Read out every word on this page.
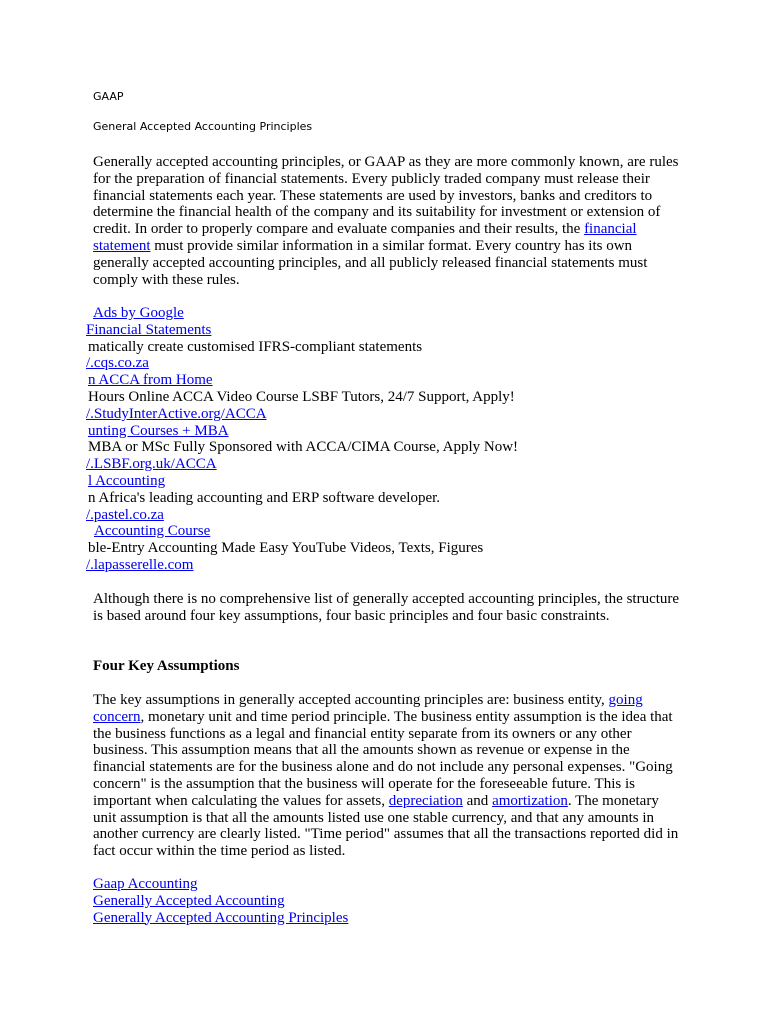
GAAP
General Accepted Accounting Principles
Generally accepted accounting principles, or GAAP as they are more commonly known, are rules for the preparation of financial statements. Every publicly traded company must release their financial statements each year. These statements are used by investors, banks and creditors to determine the financial health of the company and its suitability for investment or extension of credit. In order to properly compare and evaluate companies and their results, the financial statement must provide similar information in a similar format. Every country has its own generally accepted accounting principles, and all publicly released financial statements must comply with these rules.
Ads by Google
Financial Statements
matically create customised IFRS-compliant statements
/.cqs.co.za
n ACCA from Home
Hours Online ACCA Video Course LSBF Tutors, 24/7 Support, Apply!
/.StudyInterActive.org/ACCA
unting Courses + MBA
MBA or MSc Fully Sponsored with ACCA/CIMA Course, Apply Now!
/.LSBF.org.uk/ACCA
l Accounting
n Africa's leading accounting and ERP software developer.
/.pastel.co.za
Accounting Course
ble-Entry Accounting Made Easy YouTube Videos, Texts, Figures
/.lapasserelle.com
Although there is no comprehensive list of generally accepted accounting principles, the structure is based around four key assumptions, four basic principles and four basic constraints.
Four Key Assumptions
The key assumptions in generally accepted accounting principles are: business entity, going concern, monetary unit and time period principle. The business entity assumption is the idea that the business functions as a legal and financial entity separate from its owners or any other business. This assumption means that all the amounts shown as revenue or expense in the financial statements are for the business alone and do not include any personal expenses. "Going concern" is the assumption that the business will operate for the foreseeable future. This is important when calculating the values for assets, depreciation and amortization. The monetary unit assumption is that all the amounts listed use one stable currency, and that any amounts in another currency are clearly listed. "Time period" assumes that all the transactions reported did in fact occur within the time period as listed.
Gaap Accounting
Generally Accepted Accounting
Generally Accepted Accounting Principles
